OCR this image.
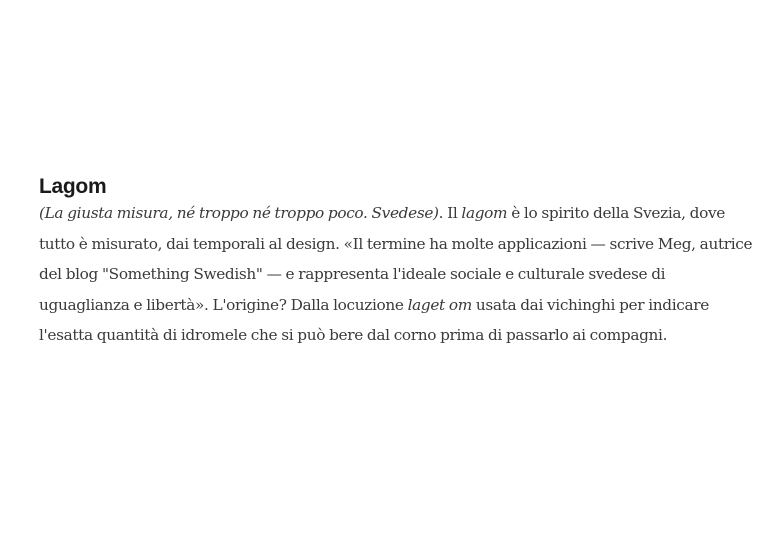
Lagom

(La giusta misura, né troppo né troppo poco. Svedese). Il lagom è lo spirito della Svezia, dove tutto è misurato, dai temporali al design. «Il termine ha molte applicazioni — scrive Meg, autrice del blog "Something Swedish" — e rappresenta l'ideale sociale e culturale svedese di uguaglianza e libertà». L'origine? Dalla locuzione laget om usata dai vichinghi per indicare l'esatta quantità di idromele che si può bere dal corno prima di passarlo ai compagni.
